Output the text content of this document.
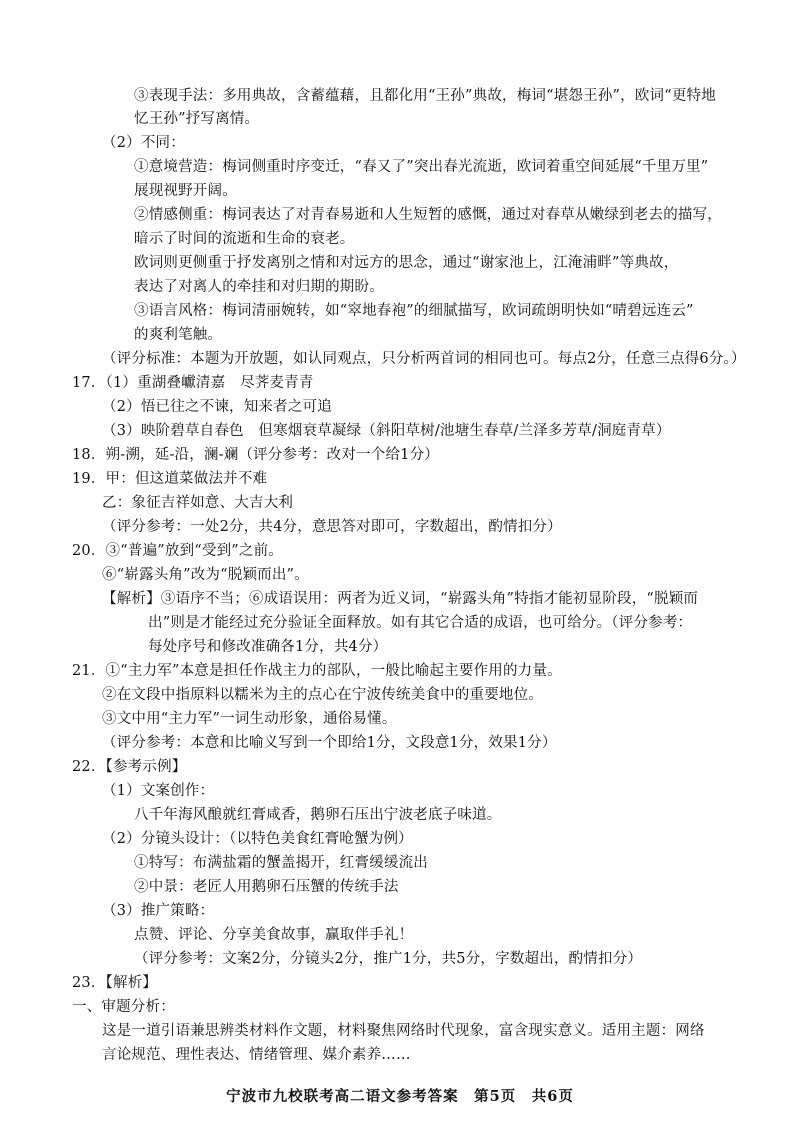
③表现手法：多用典故，含蓄蕴藉，且都化用“王孙”典故，梅词“堪怨王孙”，欧词“更特地
忆王孙”抒写离情。
（2）不同：
①意境营造：梅词侧重时序变迁，“春又了”突出春光流逝，欧词着重空间延展“千里万里”
展现视野开阔。
②情感侧重：梅词表达了对青春易逝和人生短暂的感慨，通过对春草从嫩绿到老去的描写，
暗示了时间的流逝和生命的衰老。
欧词则更侧重于抒发离别之情和对远方的思念，通过“谢家池上，江淹浦畔”等典故，
表达了对离人的牵挂和对归期的期盼。
③语言风格：梅词清丽婉转，如“窣地春袍”的细腻描写，欧词疏朗明快如“晴碧远连云”
的爽利笔触。
（评分标准：本题为开放题，如认同观点，只分析两首词的相同也可。每点2分，任意三点得6分。）
17．（1）重湖叠巘清嘉　尽荠麦青青
（2）悟已往之不谏，知来者之可追
（3）映阶碧草自春色　但寒烟衰草凝绿（斜阳草树/池塘生春草/兰泽多芳草/洞庭青草）
18．朔-溯，延-沿，澜-斓（评分参考：改对一个给1分）
19．甲：但这道菜做法并不难
乙：象征吉祥如意、大吉大利
（评分参考：一处2分，共4分，意思答对即可，字数超出，酌情扣分）
20．③“普遍”放到“受到”之前。
⑥“崭露头角”改为“脱颖而出”。
【解析】③语序不当；⑥成语误用：两者为近义词，“崭露头角”特指才能初显阶段，“脱颖而
出”则是才能经过充分验证全面释放。如有其它合适的成语，也可给分。（评分参考：
每处序号和修改准确各1分，共4分）
21．①“主力军”本意是担任作战主力的部队，一般比喻起主要作用的力量。
②在文段中指原料以糯米为主的点心在宁波传统美食中的重要地位。
③文中用“主力军”一词生动形象，通俗易懂。
（评分参考：本意和比喻义写到一个即给1分，文段意1分，效果1分）
22．【参考示例】
（1）文案创作：
八千年海风酿就红膏咸香，鹅卵石压出宁波老底子味道。
（2）分镜头设计：（以特色美食红膏呛蟹为例）
①特写：布满盐霜的蟹盖揭开，红膏缓缓流出
②中景：老匠人用鹅卵石压蟹的传统手法
（3）推广策略：
点赞、评论、分享美食故事，赢取伴手礼！
（评分参考：文案2分，分镜头2分，推广1分，共5分，字数超出，酌情扣分）
23．【解析】
一、审题分析：
这是一道引语兼思辨类材料作文题，材料聚焦网络时代现象，富含现实意义。适用主题：网络
言论规范、理性表达、情绪管理、媒介素养……
宁波市九校联考高二语文参考答案　第5页　共6页
